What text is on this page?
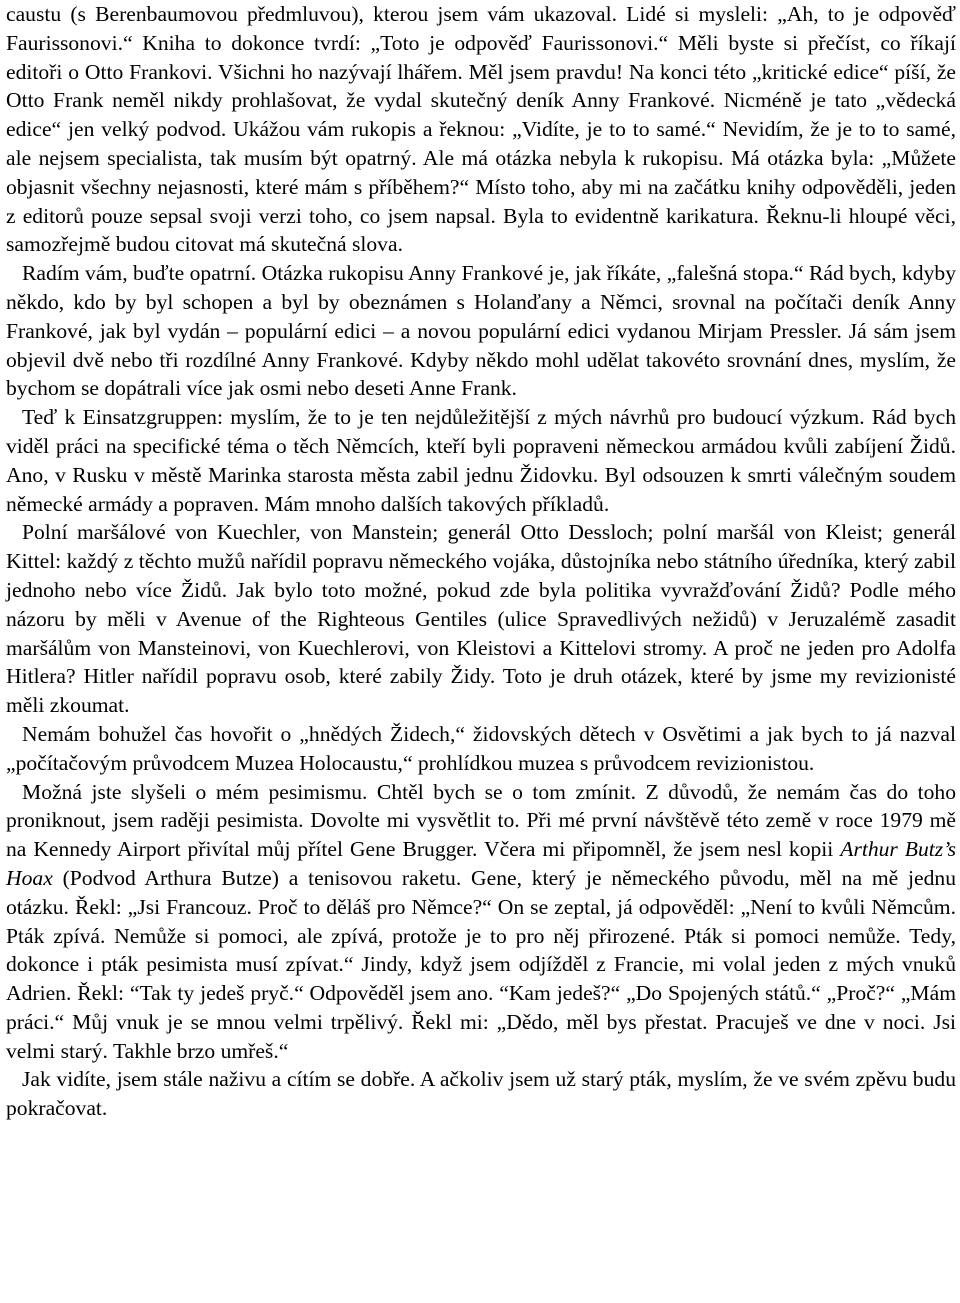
caustu (s Berenbaumovou předmluvou), kterou jsem vám ukazoval. Lidé si mysleli: „Ah, to je odpověď Faurissonovi.“ Kniha to dokonce tvrdí: „Toto je odpověď Faurissonovi.“ Měli byste si přečíst, co říkají editoři o Otto Frankovi. Všichni ho nazývají lhářem. Měl jsem pravdu! Na konci této „kritické edice“ píší, že Otto Frank neměl nikdy prohlašovat, že vydal skutečný deník Anny Frankové. Nicméně je tato „vědecká edice“ jen velký podvod. Ukážou vám rukopis a řeknou: „Vidíte, je to to samé.“ Nevidím, že je to to samé, ale nejsem specialista, tak musím být opatrný. Ale má otázka nebyla k rukopisu. Má otázka byla: „Můžete objasnit všechny nejasnosti, které mám s příběhem?“ Místo toho, aby mi na začátku knihy odpověděli, jeden z editorů pouze sepsal svoji verzi toho, co jsem napsal. Byla to evidentně karikatura. Řeknu-li hloupé věci, samozřejmě budou citovat má skutečná slova.

Radím vám, buďte opatrní. Otázka rukopisu Anny Frankové je, jak říkáte, „falešná stopa.“ Rád bych, kdyby někdo, kdo by byl schopen a byl by obeznámen s Holanďany a Němci, srovnal na počítači deník Anny Frankové, jak byl vydán – populární edici – a novou populární edici vydanou Mirjam Pressler. Já sám jsem objevil dvě nebo tři rozdílné Anny Frankové. Kdyby někdo mohl udělat takovéto srovnání dnes, myslím, že bychom se dopátrali více jak osmi nebo deseti Anne Frank.

Teď k Einsatzgruppen: myslím, že to je ten nejdůležitější z mých návrhů pro budoucí výzkum. Rád bych viděl práci na specifické téma o těch Němcích, kteří byli popraveni německou armádou kvůli zabíjení Židů. Ano, v Rusku v městě Marinka starosta města zabil jednu Židovku. Byl odsouzen k smrti válečným soudem německé armády a popraven. Mám mnoho dalších takových příkladů.

Polní maršálové von Kuechler, von Manstein; generál Otto Dessloch; polní maršál von Kleist; generál Kittel: každý z těchto mužů nařídil popravu německého vojáka, důstojníka nebo státního úředníka, který zabil jednoho nebo více Židů. Jak bylo toto možné, pokud zde byla politika vyvražďování Židů? Podle mého názoru by měli v Avenue of the Righteous Gentiles (ulice Spravedlivých nežidů) v Jeruzalémě zasadit maršálům von Mansteinovi, von Kuechlerovi, von Kleistovi a Kittelovi stromy. A proč ne jeden pro Adolfa Hitlera? Hitler nařídil popravu osob, které zabily Židy. Toto je druh otázek, které by jsme my revizionisté měli zkoumat.

Nemám bohužel čas hovořit o „hnědých Židech,“ židovských dětech v Osvětimi a jak bych to já nazval „počítačovým průvodcem Muzea Holocaustu,“ prohlídkou muzea s průvodcem revizionistou.

Možná jste slyšeli o mém pesimismu. Chtěl bych se o tom zmínit. Z důvodů, že nemám čas do toho proniknout, jsem raději pesimista. Dovolte mi vysvětlit to. Při mé první návštěvě této země v roce 1979 mě na Kennedy Airport přivítal můj přítel Gene Brugger. Včera mi připomněl, že jsem nesl kopii Arthur Butz’s Hoax (Podvod Arthura Butze) a tenisovou raketu. Gene, který je německého původu, měl na mě jednu otázku. Řekl: „Jsi Francouz. Proč to děláš pro Němce?“ On se zeptal, já odpověděl: „Není to kvůli Němcům. Pták zpívá. Nemůže si pomoci, ale zpívá, protože je to pro něj přirozené. Pták si pomoci nemůže. Tedy, dokonce i pták pesimista musí zpívat.“ Jindy, když jsem odjížděl z Francie, mi volal jeden z mých vnuků Adrien. Řekl: “Tak ty jedeš pryč.“ Odpověděl jsem ano. “Kam jedeš?“ „Do Spojených států.“ „Proč?“ „Mám práci.“ Můj vnuk je se mnou velmi trpělivý. Řekl mi: „Dědo, měl bys přestat. Pracuješ ve dne v noci. Jsi velmi starý. Takhle brzo umřeš.“

Jak vidíte, jsem stále naživu a cítím se dobře. A ačkoliv jsem už starý pták, myslím, že ve svém zpěvu budu pokračovat.
